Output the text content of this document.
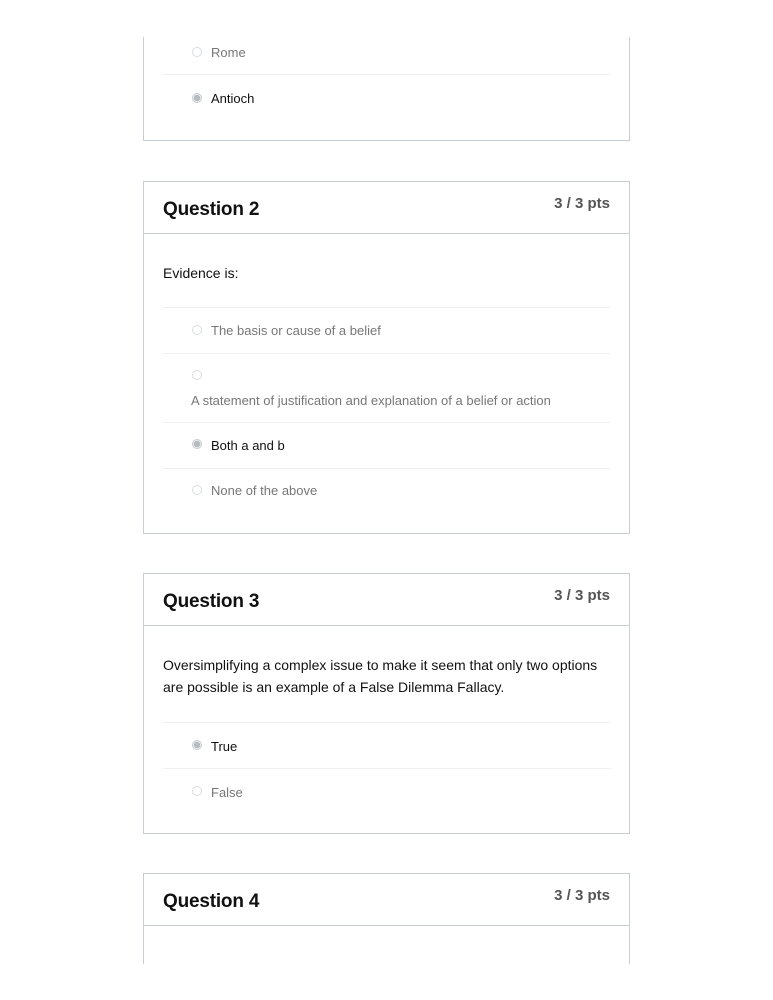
Rome
Antioch
Question 2	3 / 3 pts
Evidence is:
The basis or cause of a belief
A statement of justification and explanation of a belief or action
Both a and b
None of the above
Question 3	3 / 3 pts
Oversimplifying a complex issue to make it seem that only two options are possible is an example of a False Dilemma Fallacy.
True
False
Question 4	3 / 3 pts
